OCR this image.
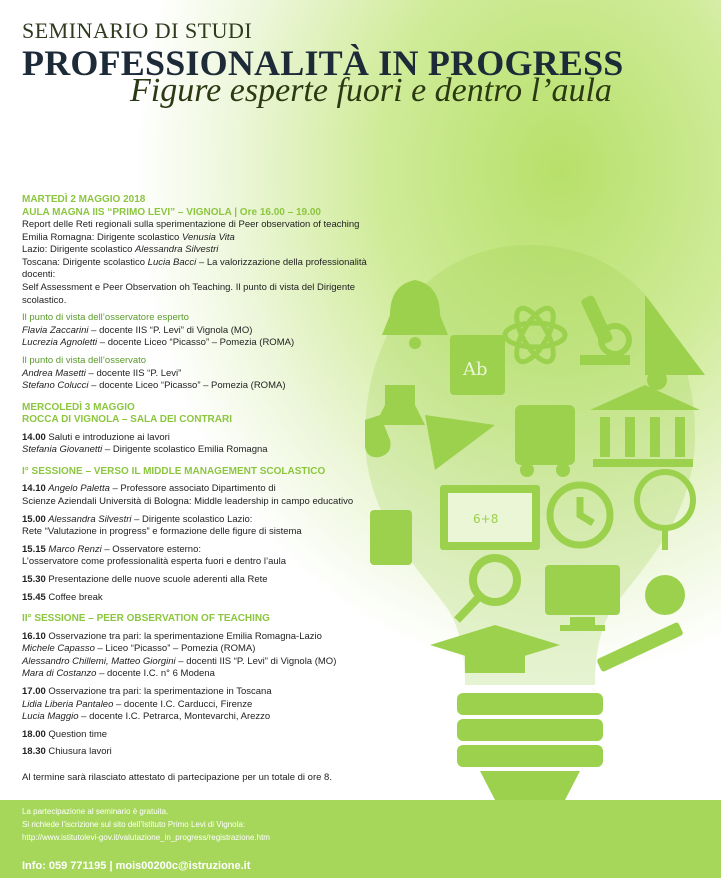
SEMINARIO DI STUDI
PROFESSIONALITÀ IN PROGRESS
Figure esperte fuori e dentro l’aula
Ab
6+8
MARTEDÌ 2 MAGGIO 2018
AULA MAGNA IIS “PRIMO LEVI” – VIGNOLA | Ore 16.00 – 19.00
Report delle Reti regionali sulla sperimentazione di Peer observation of teaching
Emilia Romagna: Dirigente scolastico Venusia Vita
Lazio: Dirigente scolastico Alessandra Silvestri
Toscana: Dirigente scolastico Lucia Bacci – La valorizzazione della professionalità docenti:
Self Assessment e Peer Observation oh Teaching. Il punto di vista del Dirigente scolastico.
Il punto di vista dell’osservatore esperto
Flavia Zaccarini – docente IIS “P. Levi” di Vignola (MO)
Lucrezia Agnoletti – docente Liceo “Picasso” – Pomezia (ROMA)
Il punto di vista dell’osservato
Andrea Masetti – docente IIS “P. Levi”
Stefano Colucci – docente Liceo “Picasso” – Pomezia (ROMA)
MERCOLEDÌ 3 MAGGIO
ROCCA DI VIGNOLA – SALA DEI CONTRARI
14.00 Saluti e introduzione ai lavori
Stefania Giovanetti – Dirigente scolastico Emilia Romagna
I° SESSIONE – VERSO IL MIDDLE MANAGEMENT SCOLASTICO
14.10 Angelo Paletta – Professore associato Dipartimento di
Scienze Aziendali Università di Bologna: Middle leadership in campo educativo
15.00 Alessandra Silvestri – Dirigente scolastico Lazio:
Rete “Valutazione in progress” e formazione delle figure di sistema
15.15 Marco Renzi – Osservatore esterno:
L’osservatore come professionalità esperta fuori e dentro l’aula
15.30 Presentazione delle nuove scuole aderenti alla Rete
15.45 Coffee break
II° SESSIONE – PEER OBSERVATION OF TEACHING
16.10 Osservazione tra pari: la sperimentazione Emilia Romagna-Lazio
Michele Capasso – Liceo “Picasso” – Pomezia (ROMA)
Alessandro Chillemi, Matteo Giorgini – docenti IIS “P. Levi” di Vignola (MO)
Mara di Costanzo – docente I.C. n° 6 Modena
17.00 Osservazione tra pari: la sperimentazione in Toscana
Lidia Liberia Pantaleo – docente I.C. Carducci, Firenze
Lucia Maggio – docente I.C. Petrarca, Montevarchi, Arezzo
18.00 Question time
18.30 Chiusura lavori
Al termine sarà rilasciato attestato di partecipazione per un totale di ore 8.
La partecipazione al seminario è gratuita.
Si richiede l’iscrizione sul sito dell’Istituto Primo Levi di Vignola:
http://www.istitutolevi-gov.it/valutazione_in_progress/registrazione.htm
Info: 059 771195 | mois00200c@istruzione.it
